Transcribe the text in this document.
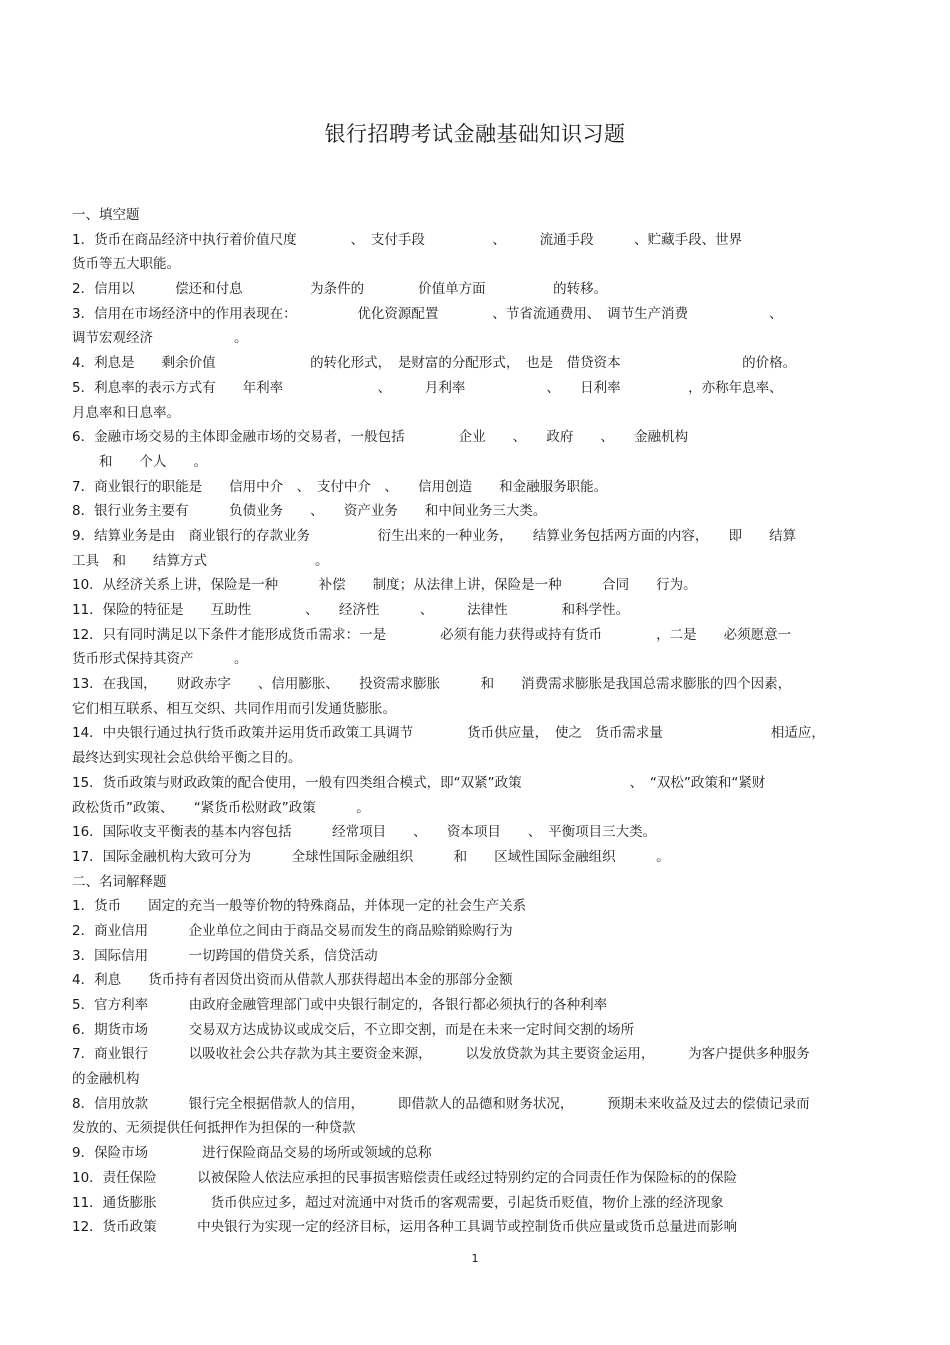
银行招聘考试金融基础知识习题
一、填空题
1．货币在商品经济中执行着价值尺度　　　　、　支付手段　　　　　、　　　流通手段　　　、贮藏手段、世界
货币等五大职能。
2．信用以　　　偿还和付息　　　　　为条件的　　　　价值单方面　　　　　的转移。
3．信用在市场经济中的作用表现在：　　　　　优化资源配置　　　　、节省流通费用、　调节生产消费　　　　　　、
调节宏观经济　　　　　　。
4．利息是　　剩余价值　　　　　　　的转化形式，　是财富的分配形式，　也是　借贷资本　　　　　　　　　的价格。
5．利息率的表示方式有　　年利率　　　　　　　、　　　月利率　　　　　　、　　日利率　　　　　，亦称年息率、
月息率和日息率。
6．金融市场交易的主体即金融市场的交易者，一般包括　　　　企业　　、　　政府　　、　　金融机构
　　和　　个人　　。
7．商业银行的职能是　　信用中介　、　支付中介　、　　信用创造　　和金融服务职能。
8．银行业务主要有　　　负债业务　　、　　资产业务　　和中间业务三大类。
9．结算业务是由　商业银行的存款业务　　　　　衍生出来的一种业务，　　结算业务包括两方面的内容，　　即　　结算
工具　和　　结算方式　　　　　　　　。
10．从经济关系上讲，保险是一种　　　补偿　　制度；从法律上讲，保险是一种　　　合同　　行为。
11．保险的特征是　　互助性　　　　、　　经济性　　　、　　　法律性　　　　和科学性。
12．只有同时满足以下条件才能形成货币需求：一是　　　　必须有能力获得或持有货币　　　　，二是　　必须愿意一
货币形式保持其资产　　　。
13．在我国，　　财政赤字　　、信用膨胀、　　投资需求膨胀　　　和　　消费需求膨胀是我国总需求膨胀的四个因素，
它们相互联系、相互交织、共同作用而引发通货膨胀。
14．中央银行通过执行货币政策并运用货币政策工具调节　　　　货币供应量，　使之　货币需求量　　　　　　　　相适应，
最终达到实现社会总供给平衡之目的。
15．货币政策与财政政策的配合使用，一般有四类组合模式，即“双紧”政策　　　　　　　　、　“双松”政策和“紧财
政松货币”政策、　　“紧货币松财政”政策　　　。
16．国际收支平衡表的基本内容包括　　　经常项目　　、　　资本项目　　、　平衡项目三大类。
17．国际金融机构大致可分为　　　全球性国际金融组织　　　和　　区域性国际金融组织　　　。
二、名词解释题
1．货币　　固定的充当一般等价物的特殊商品，并体现一定的社会生产关系
2．商业信用　　　企业单位之间由于商品交易而发生的商品赊销赊购行为
3．国际信用　　　一切跨国的借贷关系，信贷活动
4．利息　　货币持有者因贷出资而从借款人那获得超出本金的那部分金额
5．官方利率　　　由政府金融管理部门或中央银行制定的，各银行都必须执行的各种利率
6．期货市场　　　交易双方达成协议或成交后，不立即交割，而是在未来一定时间交割的场所
7．商业银行　　　以吸收社会公共存款为其主要资金来源，　　　以发放贷款为其主要资金运用，　　　为客户提供多种服务
的金融机构
8．信用放款　　　银行完全根据借款人的信用，　　　即借款人的品德和财务状况，　　　预期未来收益及过去的偿债记录而
发放的、无须提供任何抵押作为担保的一种贷款
9．保险市场　　　　进行保险商品交易的场所或领域的总称
10．责任保险　　　以被保险人依法应承担的民事损害赔偿责任或经过特别约定的合同责任作为保险标的的保险
11．通货膨胀　　　　货币供应过多，超过对流通中对货币的客观需要，引起货币贬值，物价上涨的经济现象
12．货币政策　　　中央银行为实现一定的经济目标，运用各种工具调节或控制货币供应量或货币总量进而影响
1
